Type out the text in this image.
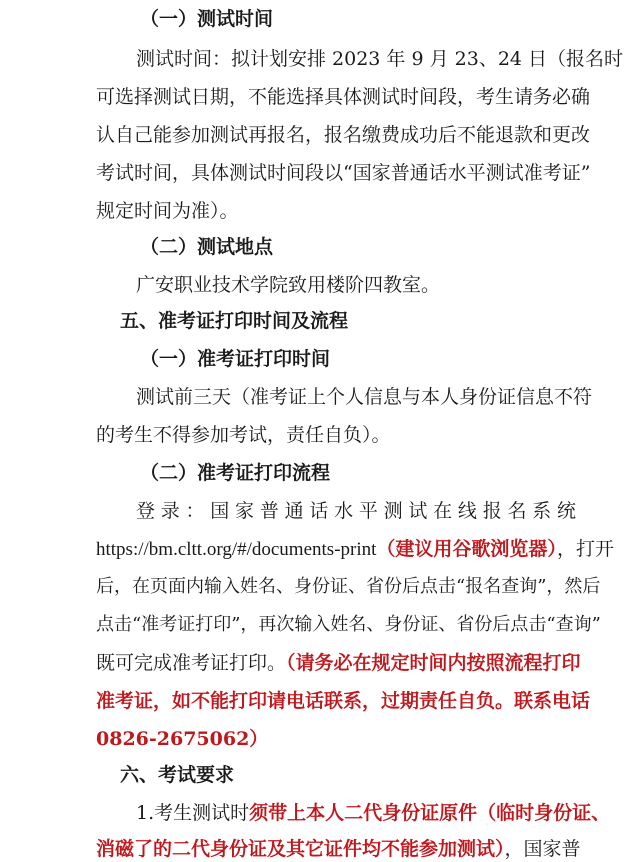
（一）测试时间
测试时间：拟计划安排 2023 年 9 月 23、24 日（报名时
可选择测试日期，不能选择具体测试时间段，考生请务必确
认自己能参加测试再报名，报名缴费成功后不能退款和更改
考试时间，具体测试时间段以“国家普通话水平测试准考证”
规定时间为准）。
（二）测试地点
广安职业技术学院致用楼阶四教室。
五、准考证打印时间及流程
（一）准考证打印时间
测试前三天（准考证上个人信息与本人身份证信息不符
的考生不得参加考试，责任自负）。
（二）准考证打印流程
登录：国家普通话水平测试在线报名系统
https://bm.cltt.org/#/documents-print（建议用谷歌浏览器），打开
后，在页面内输入姓名、身份证、省份后点击“报名查询”，然后
点击“准考证打印”，再次输入姓名、身份证、省份后点击“查询”
既可完成准考证打印。（请务必在规定时间内按照流程打印
准考证，如不能打印请电话联系，过期责任自负。联系电话
0826-2675062）
六、考试要求
1.考生测试时须带上本人二代身份证原件（临时身份证、
消磁了的二代身份证及其它证件均不能参加测试），国家普
